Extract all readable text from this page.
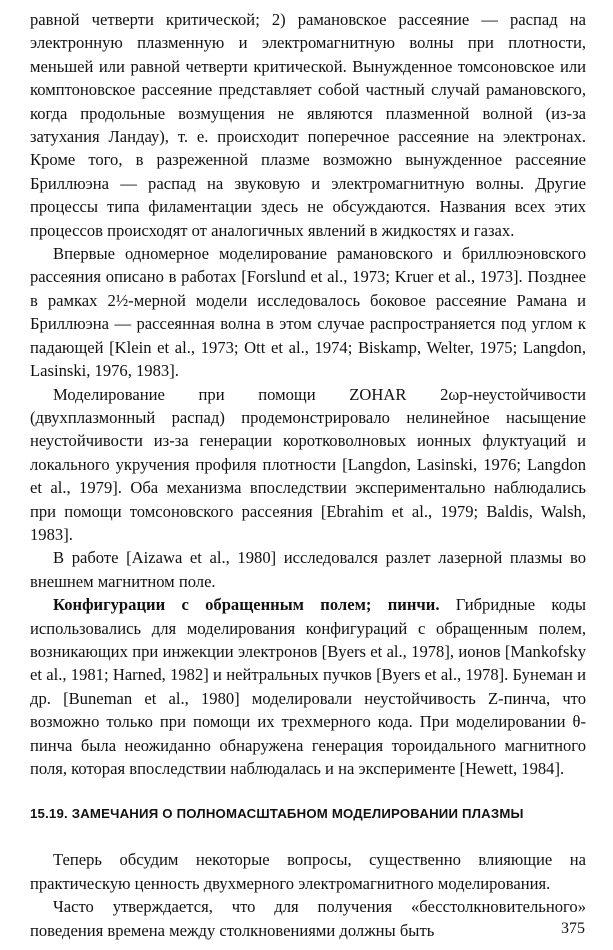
равной четверти критической; 2) рамановское рассеяние — распад на электронную плазменную и электромагнитную волны при плотности, меньшей или равной четверти критической. Вынужденное томсоновское или комптоновское рассеяние представляет собой частный случай рамановского, когда продольные возмущения не являются плазменной волной (из-за затухания Ландау), т. е. происходит поперечное рассеяние на электронах. Кроме того, в разреженной плазме возможно вынужденное рассеяние Бриллюэна — распад на звуковую и электромагнитную волны. Другие процессы типа филаментации здесь не обсуждаются. Названия всех этих процессов происходят от аналогичных явлений в жидкостях и газах.

Впервые одномерное моделирование рамановского и бриллюэновского рассеяния описано в работах [Forslund et al., 1973; Kruer et al., 1973]. Позднее в рамках 2½-мерной модели исследовалось боковое рассеяние Рамана и Бриллюэна — рассеянная волна в этом случае распространяется под углом к падающей [Klein et al., 1973; Ott et al., 1974; Biskamp, Welter, 1975; Langdon, Lasinski, 1976, 1983].

Моделирование при помощи ZOHAR 2ωp-неустойчивости (двухплазмонный распад) продемонстрировало нелинейное насыщение неустойчивости из-за генерации коротковолновых ионных флуктуаций и локального укручения профиля плотности [Langdon, Lasinski, 1976; Langdon et al., 1979]. Оба механизма впоследствии экспериментально наблюдались при помощи томсоновского рассеяния [Ebrahim et al., 1979; Baldis, Walsh, 1983].

В работе [Aizawa et al., 1980] исследовался разлет лазерной плазмы во внешнем магнитном поле.

Конфигурации с обращенным полем; пинчи. Гибридные коды использовались для моделирования конфигураций с обращенным полем, возникающих при инжекции электронов [Byers et al., 1978], ионов [Mankofsky et al., 1981; Harned, 1982] и нейтральных пучков [Byers et al., 1978]. Бунеман и др. [Buneman et al., 1980] моделировали неустойчивость Z-пинча, что возможно только при помощи их трехмерного кода. При моделировании θ-пинча была неожиданно обнаружена генерация тороидального магнитного поля, которая впоследствии наблюдалась и на эксперименте [Hewett, 1984].

15.19. ЗАМЕЧАНИЯ О ПОЛНОМАСШТАБНОМ МОДЕЛИРОВАНИИ ПЛАЗМЫ

Теперь обсудим некоторые вопросы, существенно влияющие на практическую ценность двухмерного электромагнитного моделирования.

Часто утверждается, что для получения «бесстолкновительного» поведения времена между столкновениями должны быть	375
